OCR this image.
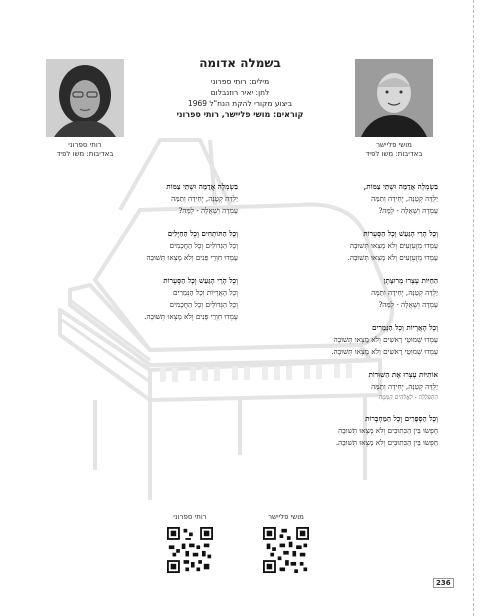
רותי ספרוני
באדיבות: משו לפיד
מושי פליישר
באדיבות: משו לפיד
בשמלה אדומה
מילים: רותי ספרוני
לחן: יאיר רוזנבלום
ביצוע מקורי להקת הנח"ל 1969
קוראים: מושי פליישר, רותי ספרוני
בִּשְׂמְלָה אֲדֻמָּה וּשְׁתֵּי צַמּוֹת,
יַלְדָּה קְטַנָּה, יְחִידָה וְתַמָּה
עָמְדָה וְשָׁאֲלָה - לָמָּה?
וְכָל הָרֵי הָגַּעַשׁ וְכָל הַסְּעָרוֹת
עָמְדוּ מְזֻעְזָעִים וְלֹא מָצְאוּ תְּשׁוּבָה
עָמְדוּ מְזֻעְזָעִים וְלֹא מָצְאוּ תְּשׁוּבָה.
הַחַיּוֹת עָצְרוּ מְרוּצָתָן
יַלְדָּה קְטַנָּה, יְחִידָה וְתַמָּה
עָמְדָה וְשָׁאֲלָה - לָמָּה?
וְכָל הָאֲרָיוֹת וְכָל הַנְּמֵרִים
עָמְדוּ שְׁמוּטֵי רָאשִׁים וְלֹא מָצְאוּ תְּשׁוּבָה
עָמְדוּ שְׁמוּטֵי רָאשִׁים וְלֹא מָצְאוּ תְּשׁוּבָה.
אוֹתִיּוֹת עָצְרוּ אֶת הַשּׁוּרוֹת
יַלְדָּה קְטַנָּה, יְחִידָה וְתַמָּה
הִתְפַּלְּלָה - לָאֱלֹהִים הָמָּמָּה
וְכָל הַסְּפָרִים וְכָל הַמַּחְבָּרוֹת
חָפְשׂוּ בֵּין הַכְּתוּבִים וְלֹא מָצְאוּ תְּשׁוּבָה
חָפְשׂוּ בֵּין הַכְּתוּבִים וְלֹא מָצְאוּ תְּשׁוּבָה.
בִּשְׂמְלָה אֲדֻמָּה וּשְׁתֵּי צַמּוֹת
יַלְדָּה קְטַנָּה, יְחִידָה וְתַמָּה
עָמְדָה וְשָׁאֲלָה - לָמָּה?
וְכָל הַתּוֹתָחִים וְכָל הַחַיָּלִים
וְכָל הַגְּדוֹלִים וְכָל הַחֲכָמִים
עָמְדוּ חִוְרֵי פָּנִים וְלֹא מָצְאוּ תְּשׁוּבָה
וְכָל הָרֵי הָגַּעַשׁ וְכָל הַסְּעָרוֹת
וְכָל הָאֲרָיוֹת וְכָל הַנְּמֵרִים
וְכָל הַגְּדוֹלִים וְכָל הַחֲכָמִים
עָמְדוּ חִוְרֵי פָּנִים וְלֹא מָצְאוּ תְּשׁוּבָה.
רותי ספרוני	מושי פליישר
236
